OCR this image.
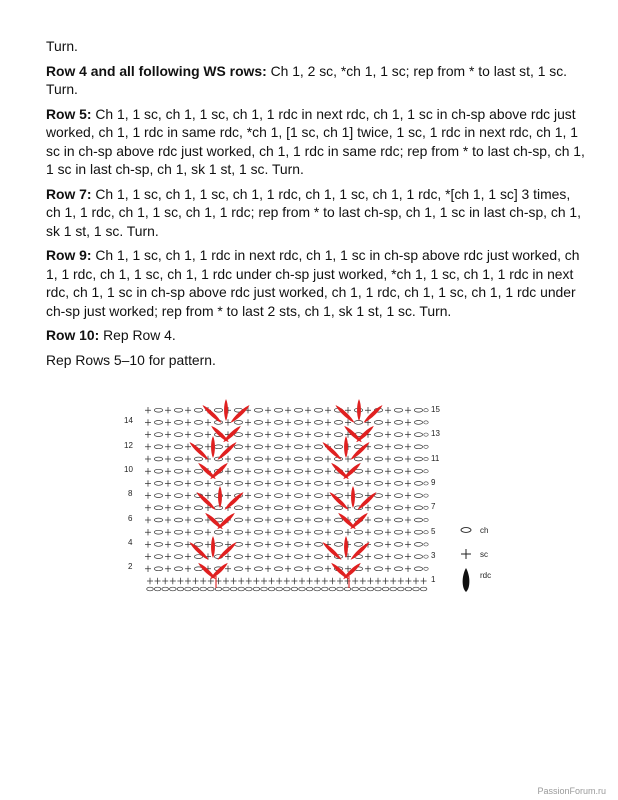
Turn.

Row 4 and all following WS rows: Ch 1, 2 sc, *ch 1, 1 sc; rep from * to last st, 1 sc. Turn.

Row 5: Ch 1, 1 sc, ch 1, 1 sc, ch 1, 1 rdc in next rdc, ch 1, 1 sc in ch-sp above rdc just worked, ch 1, 1 rdc in same rdc, *ch 1, [1 sc, ch 1] twice, 1 sc, 1 rdc in next rdc, ch 1, 1 sc in ch-sp above rdc just worked, ch 1, 1 rdc in same rdc; rep from * to last ch-sp, ch 1, 1 sc in last ch-sp, ch 1, sk 1 st, 1 sc. Turn.

Row 7: Ch 1, 1 sc, ch 1, 1 sc, ch 1, 1 rdc, ch 1, 1 sc, ch 1, 1 rdc, *[ch 1, 1 sc] 3 times, ch 1, 1 rdc, ch 1, 1 sc, ch 1, 1 rdc; rep from * to last ch-sp, ch 1, 1 sc in last ch-sp, ch 1, sk 1 st, 1 sc. Turn.

Row 9: Ch 1, 1 sc, ch 1, 1 rdc in next rdc, ch 1, 1 sc in ch-sp above rdc just worked, ch 1, 1 rdc, ch 1, 1 sc, ch 1, 1 rdc under ch-sp just worked, *ch 1, 1 sc, ch 1, 1 rdc in next rdc, ch 1, 1 sc in ch-sp above rdc just worked, ch 1, 1 rdc, ch 1, 1 sc, ch 1, 1 rdc under ch-sp just worked; rep from * to last 2 sts, ch 1, sk 1 st, 1 sc. Turn.

Row 10: Rep Row 4.

Rep Rows 5–10 for pattern.

15
13
11
9
7
5
3
1
14
12
10
8
6
4
2
ch
sc
rdc
PassionForum.ru
